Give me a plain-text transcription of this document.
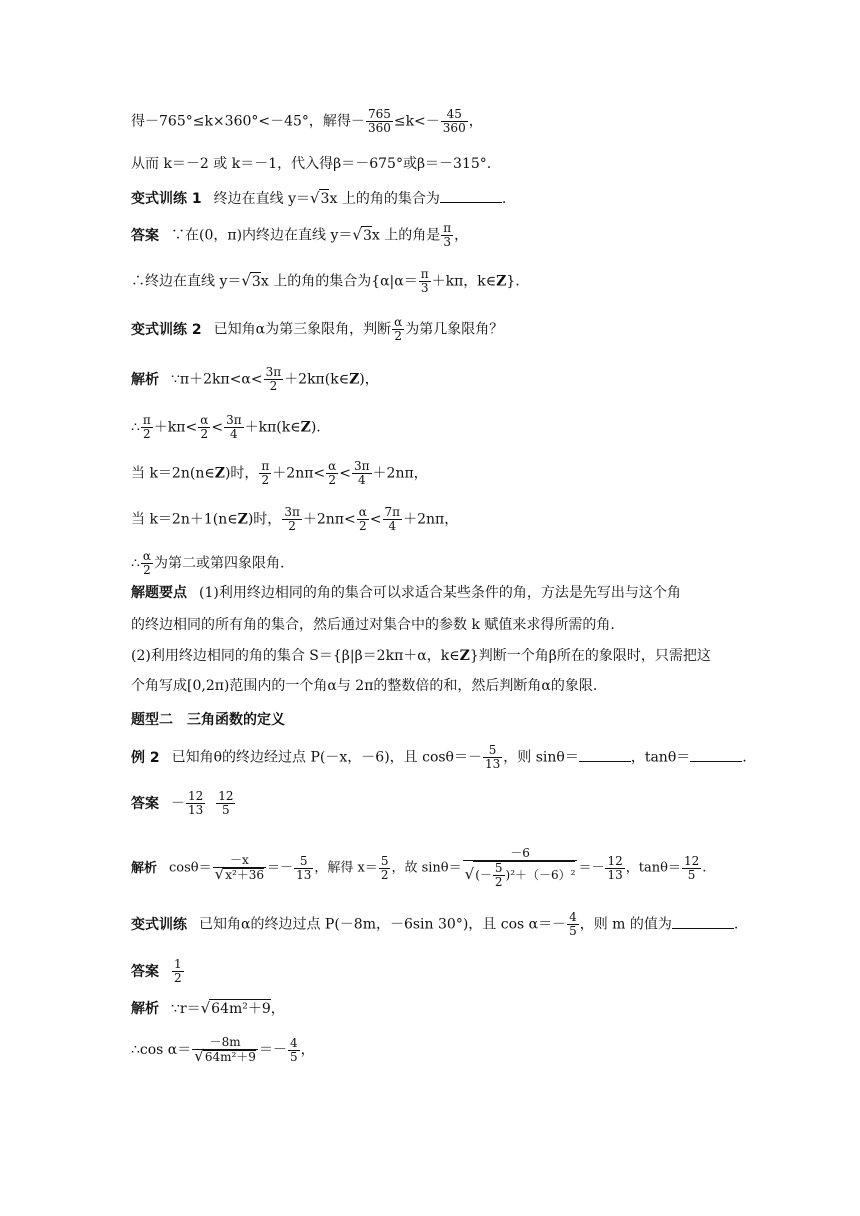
得－765°≤k×360°<－45°，解得－ $\frac{765}{360} \le k<- \frac{45}{360}$ ，
从而 k＝－2 或 k＝－1，代入得β＝－675°或β＝－315°.
变式训练 1 终边在直线 y＝√3x 上的角的集合为	.
答案 ∵在(0，π)内终边在直线 y＝√3x 上的角是 $\frac{\pi}{3}$ ，
∴终边在直线 y＝√3x 上的角的集合为{$\alpha|\alpha= \frac{\pi}{3} +k\pi$，k∈Z}.
变式训练 2 已知角α为第三象限角，判断 $\frac{\alpha}{2}$ 为第几象限角？
解析 ∵π＋2kπ<α< $\frac{3\pi}{2}$ ＋2kπ(k∈Z)，
∴ $\frac{\pi}{2} +k\pi< \frac{\alpha}{2} < \frac{3\pi}{4}$ ＋kπ(k∈Z).
当 k＝2n(n∈Z)时， $\frac{\pi}{2} +2n\pi< \frac{\alpha}{2} < \frac{3\pi}{4} +2n\pi$，
当 k＝2n＋1(n∈Z)时， $\frac{3\pi}{2} +2n\pi< \frac{\alpha}{2} < \frac{7\pi}{4} +2n\pi$，
∴ $\frac{\alpha}{2}$ 为第二或第四象限角.
解题要点 (1)利用终边相同的角的集合可以求适合某些条件的角，方法是先写出与这个角
的终边相同的所有角的集合，然后通过对集合中的参数 k 赋值来求得所需的角.
(2)利用终边相同的角的集合 S＝{β|β＝2kπ＋α，k∈Z}判断一个角β所在的象限时，只需把这
个角写成[0,2π)范围内的一个角α与 2π的整数倍的和，然后判断角α的象限.
题型二　三角函数的定义
例 2 已知角θ的终边经过点 P(－x，－6)，且 $\cos\theta=- \frac{5}{13}$ ，则 sinθ＝	，tanθ＝	.
答案 － $\frac{12}{13}$
$\frac{12}{5}$
解析 $\cos\theta= \frac{-x}{\text{√x²＋36}} =- \frac{5}{13}$ ，解得 $x= \frac{5}{2}$ ，故 $\sin\theta= \frac{-6}{√(- \frac{5}{2} )^2+(-6)^2} =- \frac{12}{13}$ ，$\tan\theta= \frac{12}{5}$ .
变式训练 已知角α的终边过点 P(－8m，－6sin 30°)，且 $\cos \alpha=- \frac{4}{5}$ ，则 m 的值为	.
答案 $\frac{1}{2}$
解析 ∵r＝√64m²＋9，
∴cos $\alpha= \frac{-8m}{\text{√64m²＋9}} =- \frac{4}{5}$ ，
